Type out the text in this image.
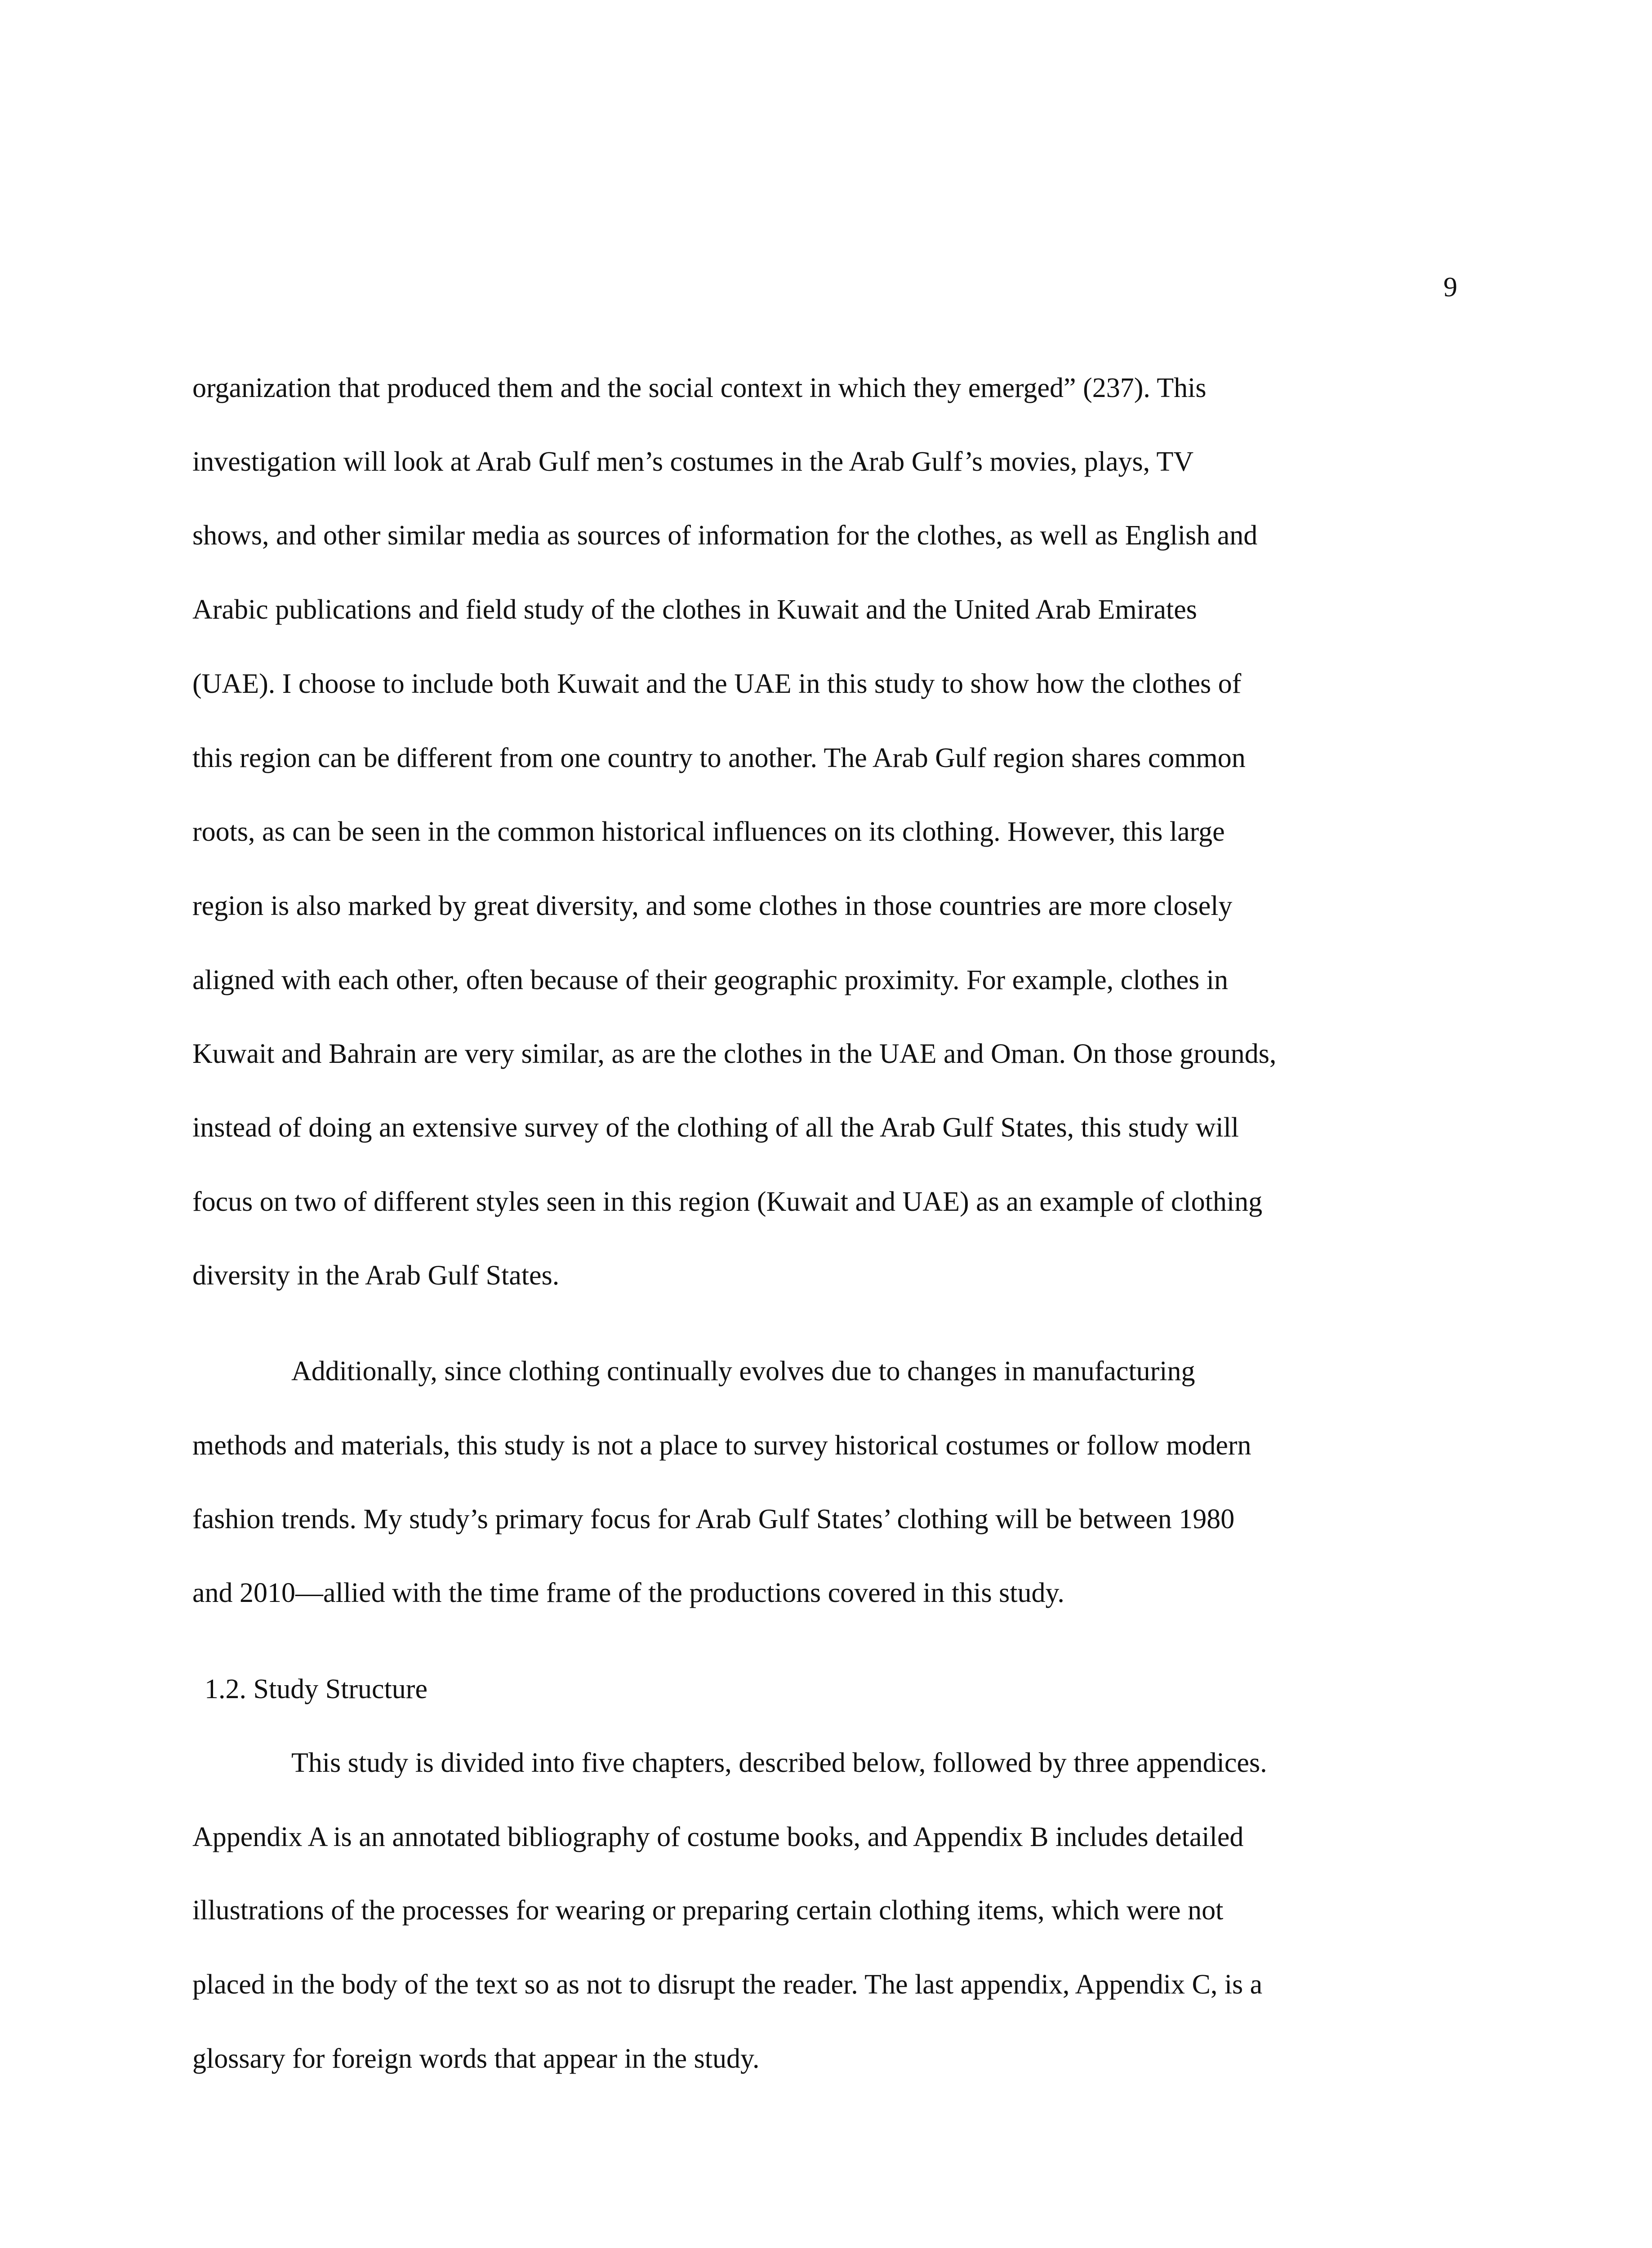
9
organization that produced them and the social context in which they emerged” (237). This
investigation will look at Arab Gulf men’s costumes in the Arab Gulf’s movies, plays, TV
shows, and other similar media as sources of information for the clothes, as well as English and
Arabic publications and field study of the clothes in Kuwait and the United Arab Emirates
(UAE). I choose to include both Kuwait and the UAE in this study to show how the clothes of
this region can be different from one country to another. The Arab Gulf region shares common
roots, as can be seen in the common historical influences on its clothing. However, this large
region is also marked by great diversity, and some clothes in those countries are more closely
aligned with each other, often because of their geographic proximity. For example, clothes in
Kuwait and Bahrain are very similar, as are the clothes in the UAE and Oman. On those grounds,
instead of doing an extensive survey of the clothing of all the Arab Gulf States, this study will
focus on two of different styles seen in this region (Kuwait and UAE) as an example of clothing
diversity in the Arab Gulf States.
Additionally, since clothing continually evolves due to changes in manufacturing
methods and materials, this study is not a place to survey historical costumes or follow modern
fashion trends. My study’s primary focus for Arab Gulf States’ clothing will be between 1980
and 2010—allied with the time frame of the productions covered in this study.
1.2. Study Structure
This study is divided into five chapters, described below, followed by three appendices.
Appendix A is an annotated bibliography of costume books, and Appendix B includes detailed
illustrations of the processes for wearing or preparing certain clothing items, which were not
placed in the body of the text so as not to disrupt the reader. The last appendix, Appendix C, is a
glossary for foreign words that appear in the study.
